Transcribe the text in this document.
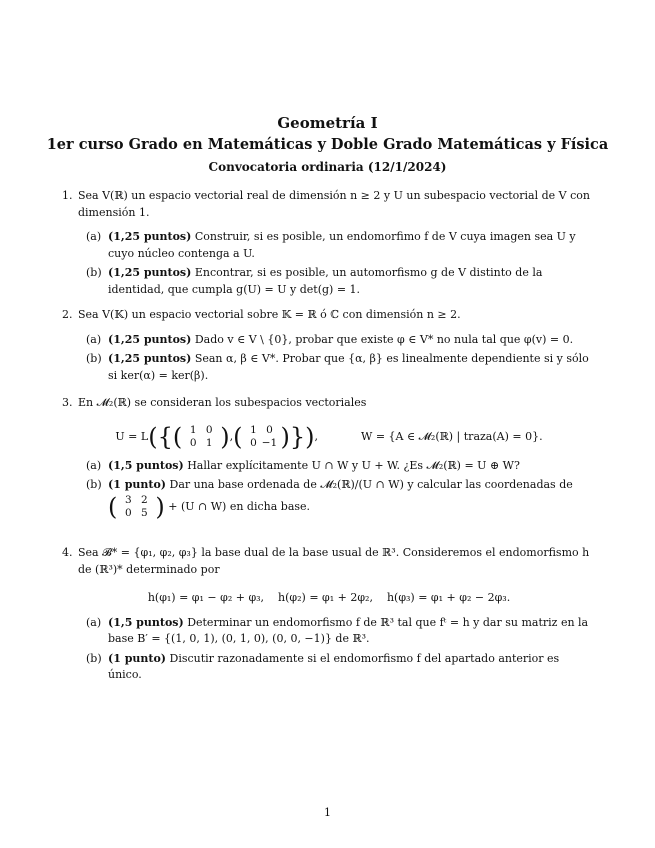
Geometría I
1er curso Grado en Matemáticas y Doble Grado Matemáticas y Física
Convocatoria ordinaria (12/1/2024)
1. Sea V(ℝ) un espacio vectorial real de dimensión n ≥ 2 y U un subespacio vectorial de V con dimensión 1.
(a) (1,25 puntos) Construir, si es posible, un endomorfimo f de V cuya imagen sea U y cuyo núcleo contenga a U.
(b) (1,25 puntos) Encontrar, si es posible, un automorfismo g de V distinto de la identidad, que cumpla g(U) = U y det(g) = 1.
2. Sea V(𝕂) un espacio vectorial sobre 𝕂 = ℝ ó ℂ con dimensión n ≥ 2.
(a) (1,25 puntos) Dado v ∈ V \ {0}, probar que existe φ ∈ V* no nula tal que φ(v) = 0.
(b) (1,25 puntos) Sean α, β ∈ V*. Probar que {α, β} es linealmente dependiente si y sólo si ker(α) = ker(β).
3. En 𝓜₂(ℝ) se consideran los subespacios vectoriales
U = L({( 1 0
0 1 ),( 1 0
0 −1 )}),	W = {A ∈ 𝓜₂(ℝ) | traza(A) = 0}.
(a) (1,5 puntos) Hallar explícitamente U ∩ W y U + W. ¿Es 𝓜₂(ℝ) = U ⊕ W?
(b) (1 punto) Dar una base ordenada de 𝓜₂(ℝ)/(U ∩ W) y calcular las coordenadas de
( 3 2
0 5 ) + (U ∩ W) en dicha base.
4. Sea 𝓑* = {φ₁, φ₂, φ₃} la base dual de la base usual de ℝ³. Consideremos el endomorfismo h de (ℝ³)* determinado por
h(φ₁) = φ₁ − φ₂ + φ₃,    h(φ₂) = φ₁ + 2φ₂,    h(φ₃) = φ₁ + φ₂ − 2φ₃.
(a) (1,5 puntos) Determinar un endomorfismo f de ℝ³ tal que fᵗ = h y dar su matriz en la base B′ = {(1, 0, 1), (0, 1, 0), (0, 0, −1)} de ℝ³.
(b) (1 punto) Discutir razonadamente si el endomorfismo f del apartado anterior es único.
1
